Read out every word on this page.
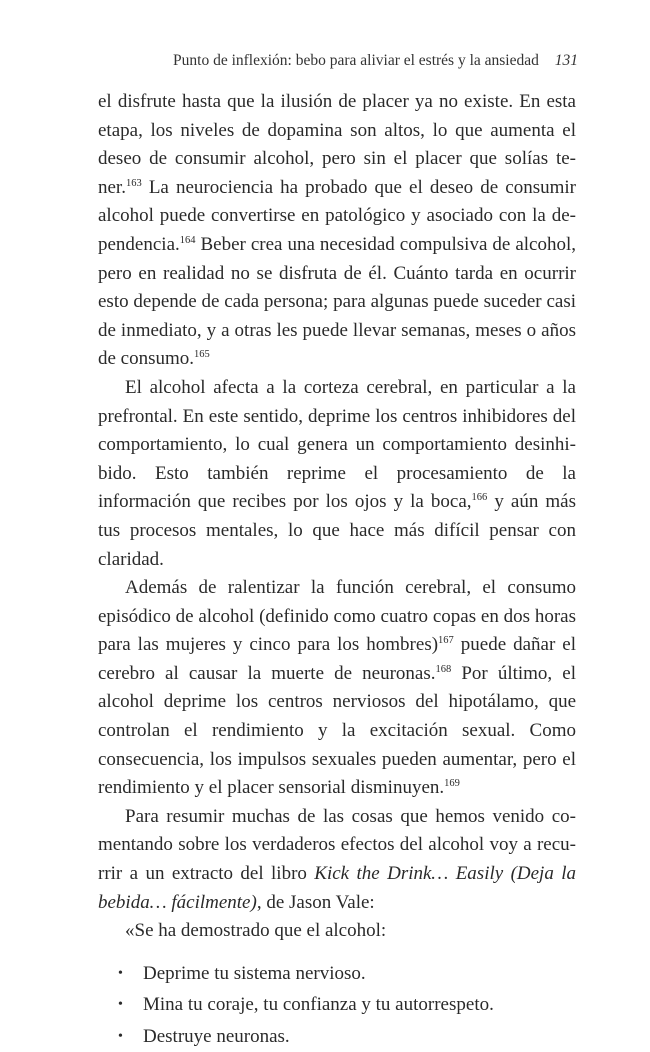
Punto de inflexión: bebo para aliviar el estrés y la ansiedad 131

el disfrute hasta que la ilusión de placer ya no existe. En esta etapa, los niveles de dopamina son altos, lo que aumenta el deseo de consumir alcohol, pero sin el placer que solías tener.$^{163}$ La neurociencia ha probado que el deseo de consumir alcohol puede convertirse en patológico y asociado con la dependencia.$^{164}$ Beber crea una necesidad compulsiva de alcohol, pero en realidad no se disfruta de él. Cuánto tarda en ocurrir esto depende de cada persona; para algunas puede suceder casi de inmediato, y a otras les puede llevar semanas, meses o años de consumo.$^{165}$

El alcohol afecta a la corteza cerebral, en particular a la prefrontal. En este sentido, deprime los centros inhibidores del comportamiento, lo cual genera un comportamiento desinhibido. Esto también reprime el procesamiento de la información que recibes por los ojos y la boca,$^{166}$ y aún más tus procesos mentales, lo que hace más difícil pensar con claridad.

Además de ralentizar la función cerebral, el consumo episódico de alcohol (definido como cuatro copas en dos horas para las mujeres y cinco para los hombres)$^{167}$ puede dañar el cerebro al causar la muerte de neuronas.$^{168}$ Por último, el alcohol deprime los centros nerviosos del hipotálamo, que controlan el rendimiento y la excitación sexual. Como consecuencia, los impulsos sexuales pueden aumentar, pero el rendimiento y el placer sensorial disminuyen.$^{169}$

Para resumir muchas de las cosas que hemos venido comentando sobre los verdaderos efectos del alcohol voy a recurrir a un extracto del libro Kick the Drink… Easily (Deja la bebida… fácilmente), de Jason Vale:

«Se ha demostrado que el alcohol:

• Deprime tu sistema nervioso.
• Mina tu coraje, tu confianza y tu autorrespeto.
• Destruye neuronas.
